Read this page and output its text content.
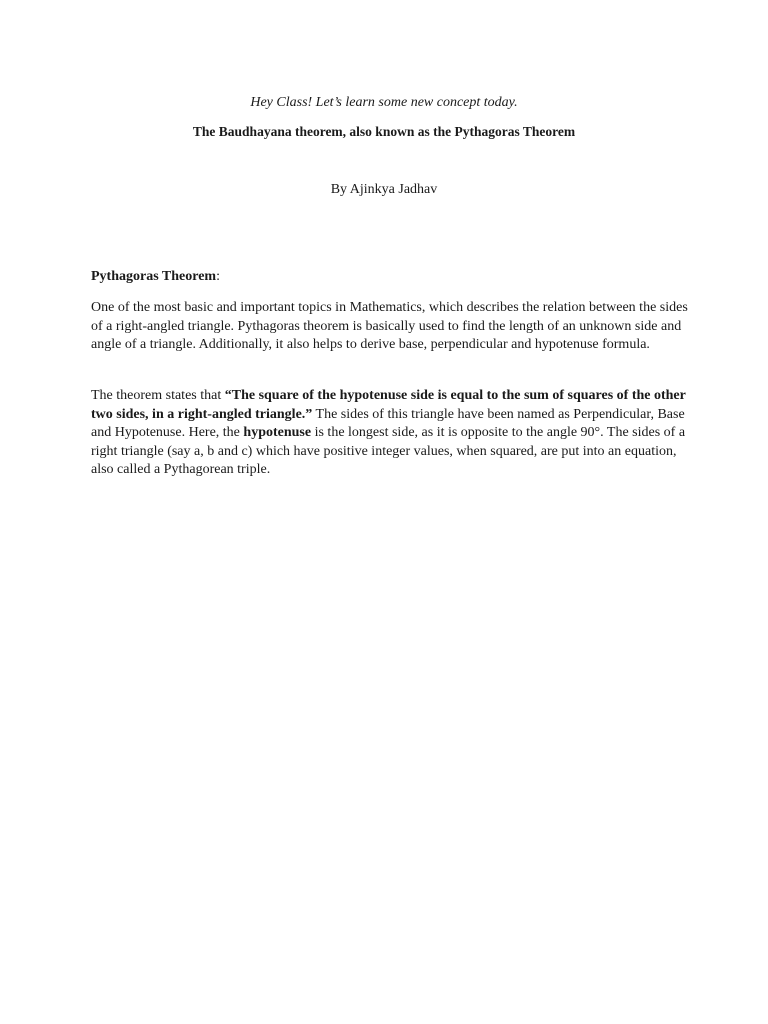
Hey Class! Let’s learn some new concept today.
The Baudhayana theorem, also known as the Pythagoras Theorem
By Ajinkya Jadhav
Pythagoras Theorem:

One of the most basic and important topics in Mathematics, which describes the relation between the sides of a right-angled triangle. Pythagoras theorem is basically used to find the length of an unknown side and angle of a triangle. Additionally, it also helps to derive base, perpendicular and hypotenuse formula.

The theorem states that “The square of the hypotenuse side is equal to the sum of squares of the other two sides, in a right-angled triangle.” The sides of this triangle have been named as Perpendicular, Base and Hypotenuse. Here, the hypotenuse is the longest side, as it is opposite to the angle 90°. The sides of a right triangle (say a, b and c) which have positive integer values, when squared, are put into an equation, also called a Pythagorean triple.
